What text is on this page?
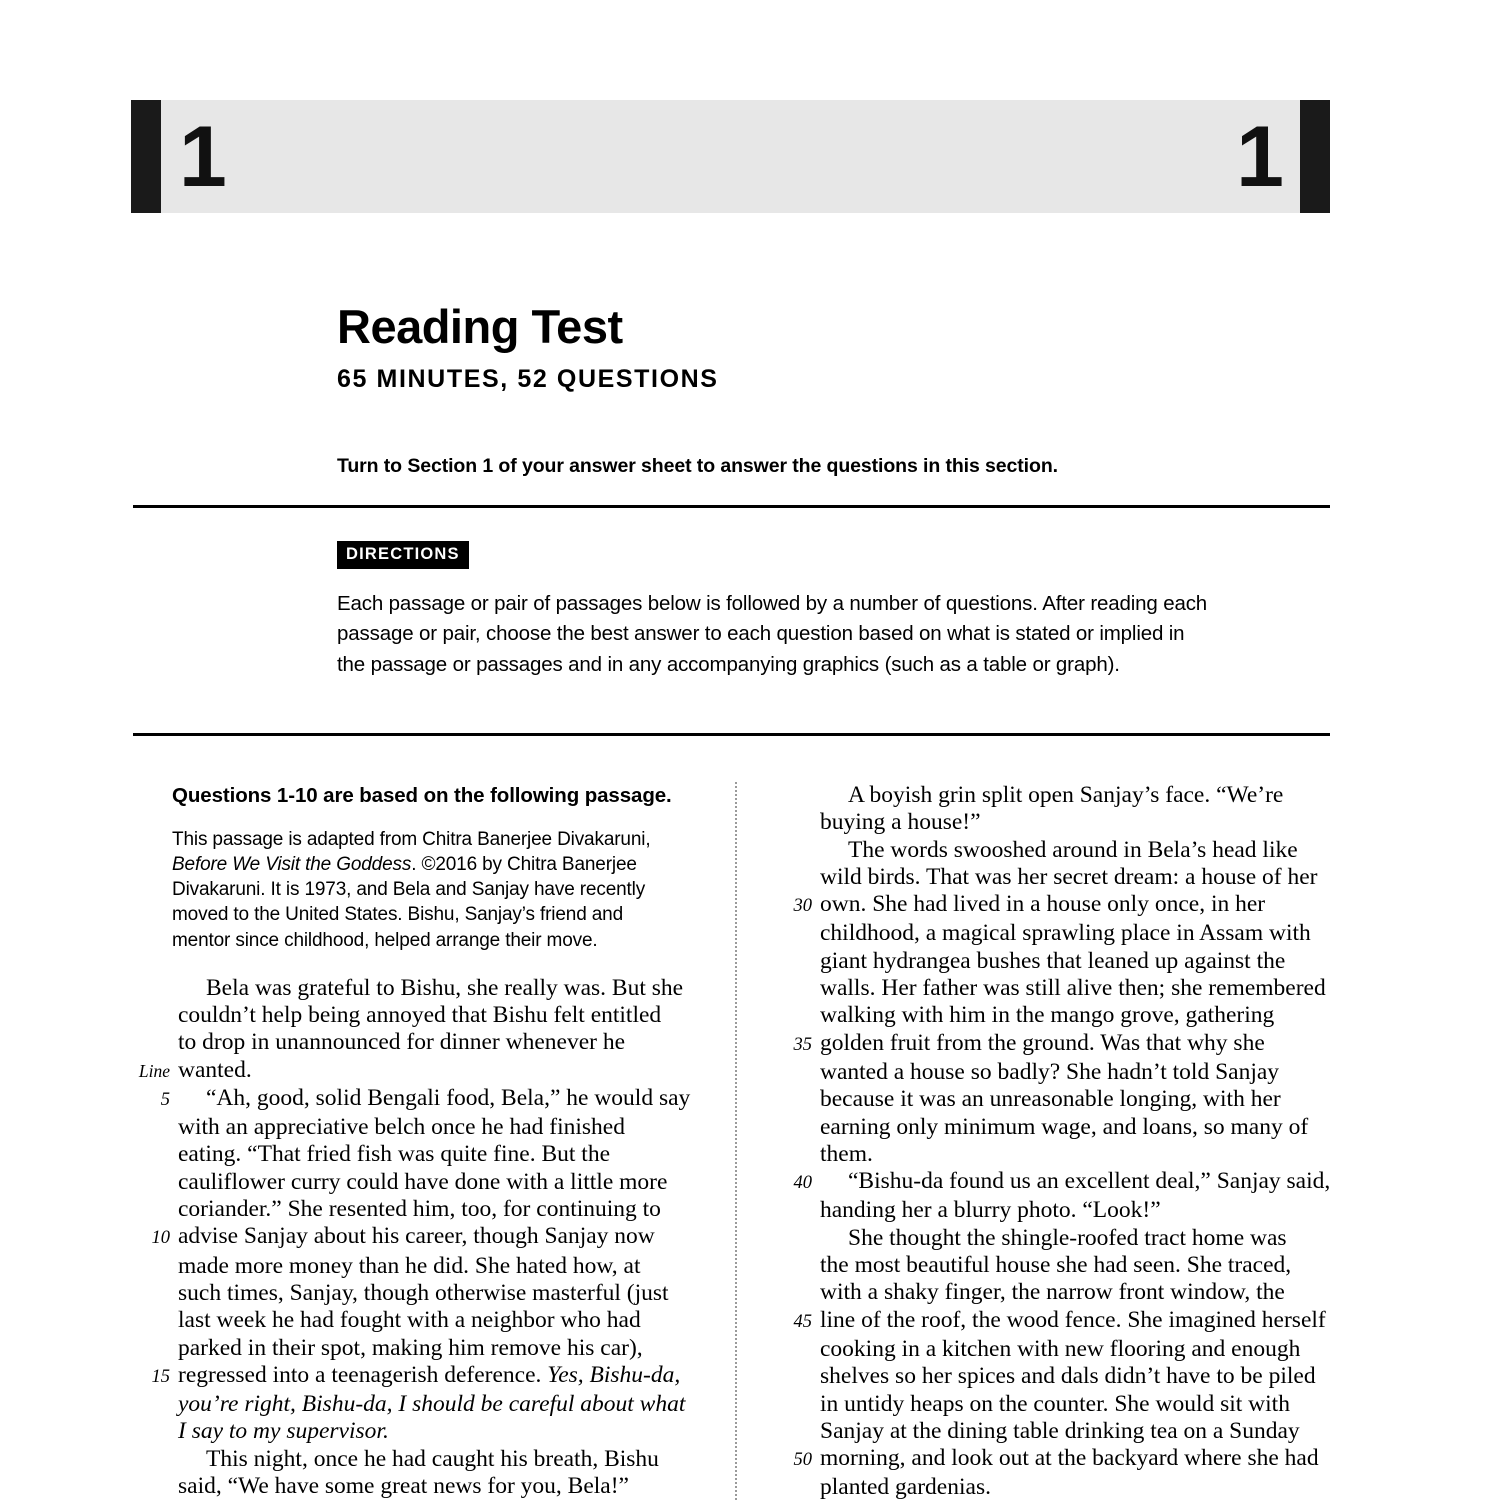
1	1
Reading Test
65 MINUTES, 52 QUESTIONS
Turn to Section 1 of your answer sheet to answer the questions in this section.
DIRECTIONS
Each passage or pair of passages below is followed by a number of questions. After reading each passage or pair, choose the best answer to each question based on what is stated or implied in the passage or passages and in any accompanying graphics (such as a table or graph).
Questions 1-10 are based on the following passage.
This passage is adapted from Chitra Banerjee Divakaruni, Before We Visit the Goddess. ©2016 by Chitra Banerjee Divakaruni. It is 1973, and Bela and Sanjay have recently moved to the United States. Bishu, Sanjay’s friend and mentor since childhood, helped arrange their move.
Bela was grateful to Bishu, she really was. But she
couldn’t help being annoyed that Bishu felt entitled
to drop in unannounced for dinner whenever he
Line wanted.
5	“Ah, good, solid Bengali food, Bela,” he would say
with an appreciative belch once he had finished
eating. “That fried fish was quite fine. But the
cauliflower curry could have done with a little more
coriander.” She resented him, too, for continuing to
10 advise Sanjay about his career, though Sanjay now
made more money than he did. She hated how, at
such times, Sanjay, though otherwise masterful (just
last week he had fought with a neighbor who had
parked in their spot, making him remove his car),
15 regressed into a teenagerish deference. Yes, Bishu-da,
you’re right, Bishu-da, I should be careful about what
I say to my supervisor.
This night, once he had caught his breath, Bishu
said, “We have some great news for you, Bela!”
A boyish grin split open Sanjay’s face. “We’re
buying a house!”
The words swooshed around in Bela’s head like
wild birds. That was her secret dream: a house of her
30 own. She had lived in a house only once, in her
childhood, a magical sprawling place in Assam with
giant hydrangea bushes that leaned up against the
walls. Her father was still alive then; she remembered
walking with him in the mango grove, gathering
35 golden fruit from the ground. Was that why she
wanted a house so badly? She hadn’t told Sanjay
because it was an unreasonable longing, with her
earning only minimum wage, and loans, so many of
them.
40	“Bishu-da found us an excellent deal,” Sanjay said,
handing her a blurry photo. “Look!”
She thought the shingle-roofed tract home was
the most beautiful house she had seen. She traced,
with a shaky finger, the narrow front window, the
45 line of the roof, the wood fence. She imagined herself
cooking in a kitchen with new flooring and enough
shelves so her spices and dals didn’t have to be piled
in untidy heaps on the counter. She would sit with
Sanjay at the dining table drinking tea on a Sunday
50 morning, and look out at the backyard where she had
planted gardenias.
